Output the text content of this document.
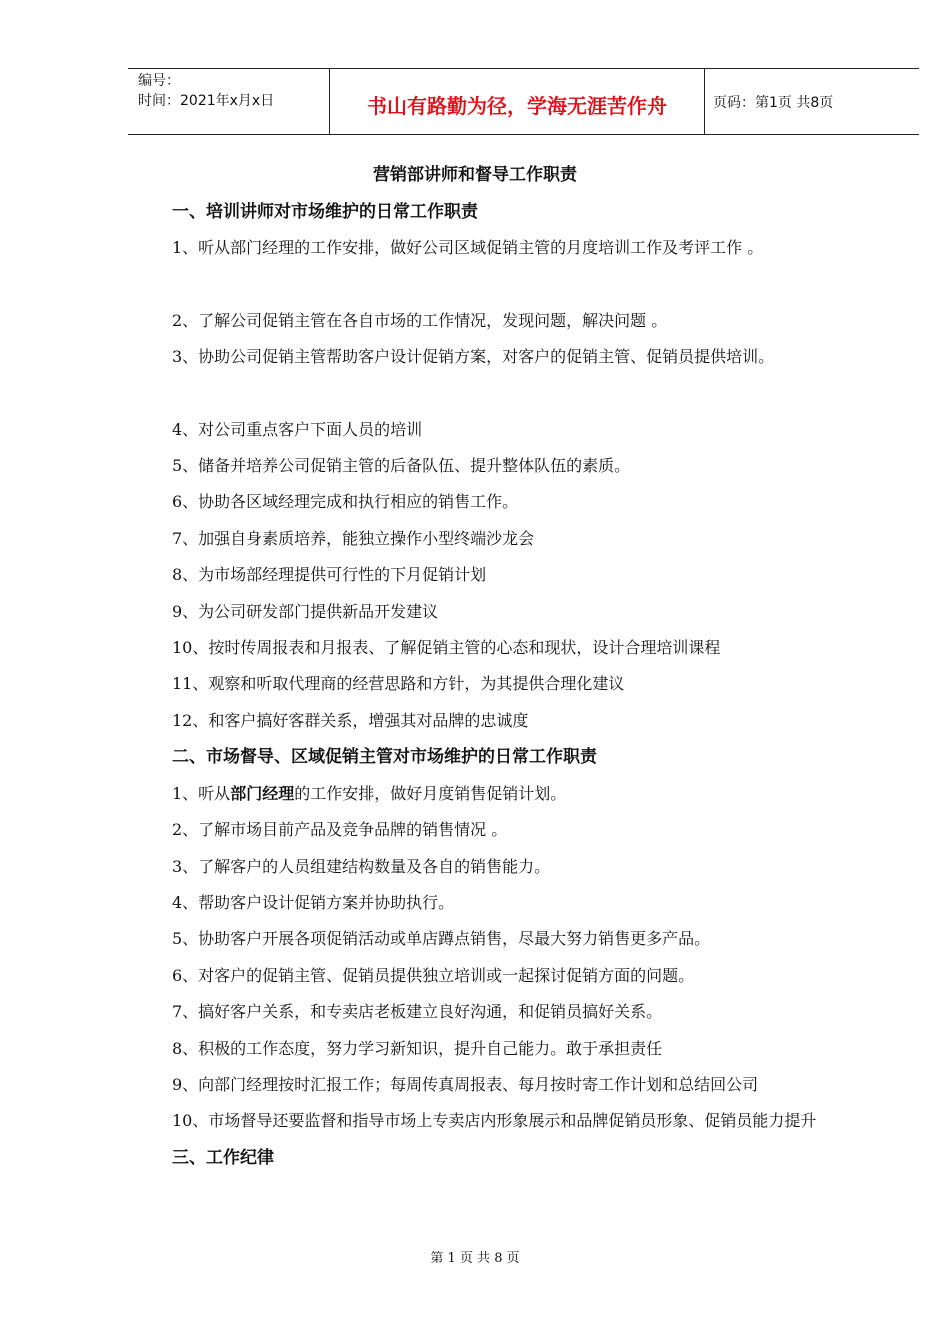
编号：
时间：2021年x月x日	书山有路勤为径，学海无涯苦作舟	页码：第1页 共8页
营销部讲师和督导工作职责
一、培训讲师对市场维护的日常工作职责
1、听从部门经理的工作安排，做好公司区域促销主管的月度培训工作及考评工作 。
2、了解公司促销主管在各自市场的工作情况，发现问题，解决问题 。
3、协助公司促销主管帮助客户设计促销方案，对客户的促销主管、促销员提供培训。
4、对公司重点客户下面人员的培训
5、储备并培养公司促销主管的后备队伍、提升整体队伍的素质。
6、协助各区域经理完成和执行相应的销售工作。
7、加强自身素质培养，能独立操作小型终端沙龙会
8、为市场部经理提供可行性的下月促销计划
9、为公司研发部门提供新品开发建议
10、按时传周报表和月报表、了解促销主管的心态和现状，设计合理培训课程
11、观察和听取代理商的经营思路和方针，为其提供合理化建议
12、和客户搞好客群关系，增强其对品牌的忠诚度
二、市场督导、区域促销主管对市场维护的日常工作职责
1、听从部门经理的工作安排，做好月度销售促销计划。
2、了解市场目前产品及竞争品牌的销售情况 。
3、了解客户的人员组建结构数量及各自的销售能力。
4、帮助客户设计促销方案并协助执行。
5、协助客户开展各项促销活动或单店蹲点销售，尽最大努力销售更多产品。
6、对客户的促销主管、促销员提供独立培训或一起探讨促销方面的问题。
7、搞好客户关系，和专卖店老板建立良好沟通，和促销员搞好关系。
8、积极的工作态度，努力学习新知识，提升自己能力。敢于承担责任
9、向部门经理按时汇报工作；每周传真周报表、每月按时寄工作计划和总结回公司
10、市场督导还要监督和指导市场上专卖店内形象展示和品牌促销员形象、促销员能力提升
三、工作纪律
第 1 页 共 8 页
